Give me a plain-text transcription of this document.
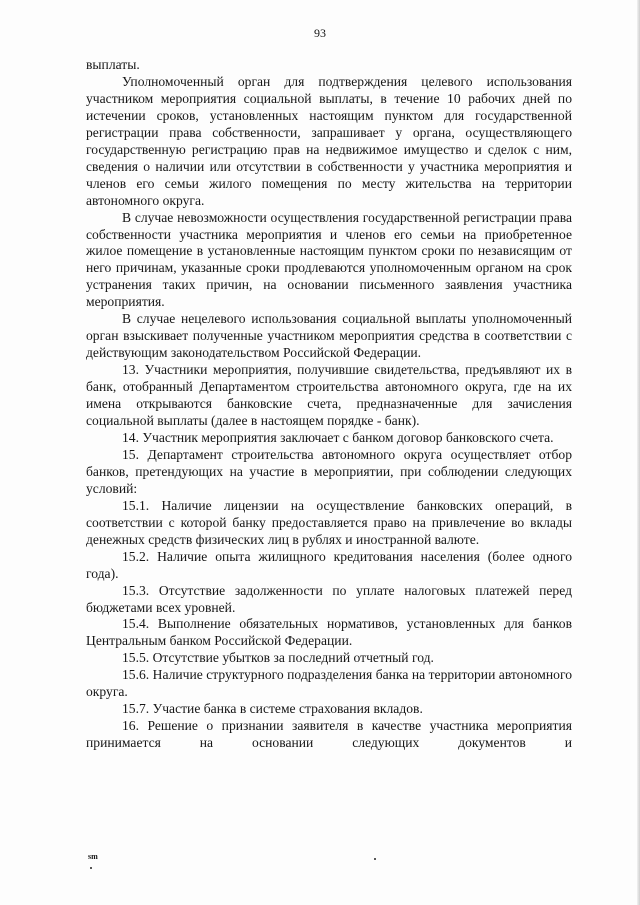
93

выплаты.

Уполномоченный орган для подтверждения целевого использования участником мероприятия социальной выплаты, в течение 10 рабочих дней по истечении сроков, установленных настоящим пунктом для государственной регистрации права собственности, запрашивает у органа, осуществляющего государственную регистрацию прав на недвижимое имущество и сделок с ним, сведения о наличии или отсутствии в собственности у участника мероприятия и членов его семьи жилого помещения по месту жительства на территории автономного округа.

В случае невозможности осуществления государственной регистрации права собственности участника мероприятия и членов его семьи на приобретенное жилое помещение в установленные настоящим пунктом сроки по независящим от него причинам, указанные сроки продлеваются уполномоченным органом на срок устранения таких причин, на основании письменного заявления участника мероприятия.

В случае нецелевого использования социальной выплаты уполномоченный орган взыскивает полученные участником мероприятия средства в соответствии с действующим законодательством Российской Федерации.

13. Участники мероприятия, получившие свидетельства, предъявляют их в банк, отобранный Департаментом строительства автономного округа, где на их имена открываются банковские счета, предназначенные для зачисления социальной выплаты (далее в настоящем порядке - банк).

14. Участник мероприятия заключает с банком договор банковского счета.

15. Департамент строительства автономного округа осуществляет отбор банков, претендующих на участие в мероприятии, при соблюдении следующих условий:

15.1. Наличие лицензии на осуществление банковских операций, в соответствии с которой банку предоставляется право на привлечение во вклады денежных средств физических лиц в рублях и иностранной валюте.

15.2. Наличие опыта жилищного кредитования населения (более одного года).

15.3. Отсутствие задолженности по уплате налоговых платежей перед бюджетами всех уровней.

15.4. Выполнение обязательных нормативов, установленных для банков Центральным банком Российской Федерации.

15.5. Отсутствие убытков за последний отчетный год.

15.6. Наличие структурного подразделения банка на территории автономного округа.

15.7. Участие банка в системе страхования вкладов.

16. Решение о признании заявителя в качестве участника мероприятия принимается на основании следующих документов и

sm
